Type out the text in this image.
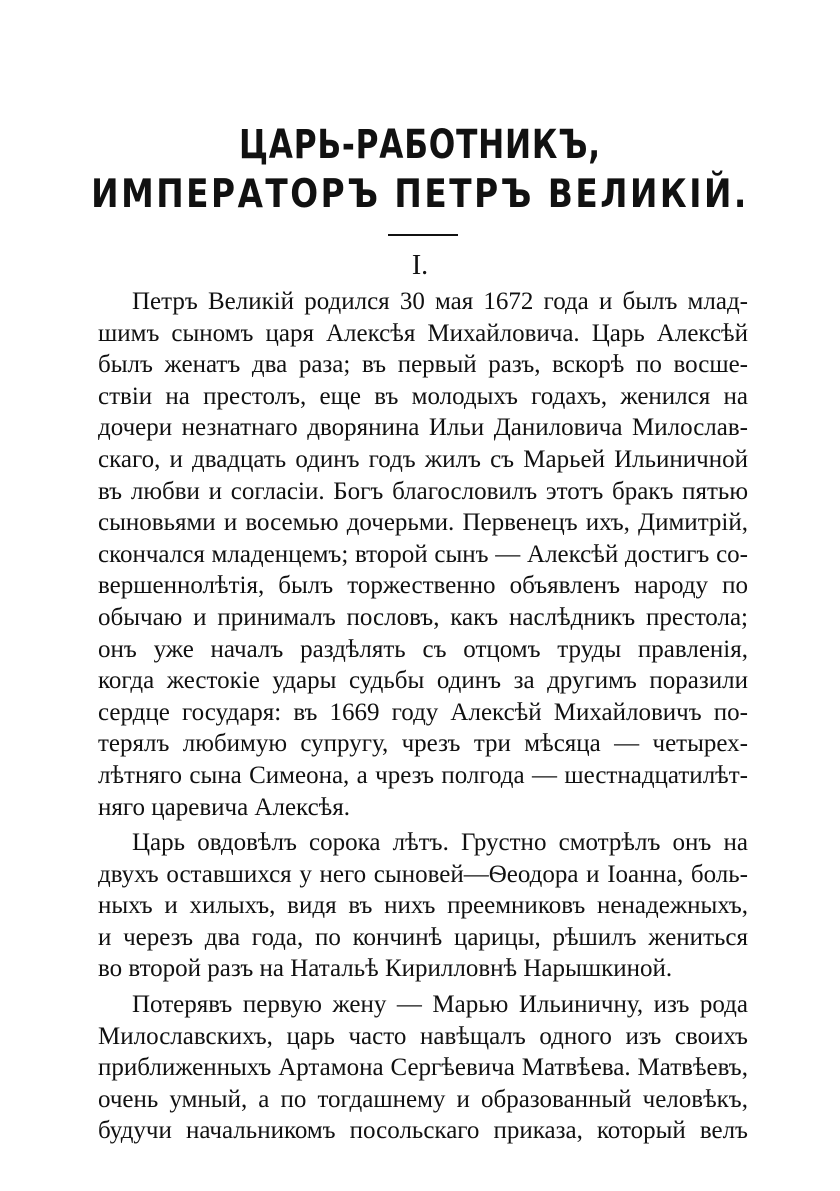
ЦАРЬ-РАБОТНИКЪ,
ИМПЕРАТОРЪ ПЕТРЪ ВЕЛИКІЙ.
I.
Петръ Великій родился 30 мая 1672 года и былъ млад-
шимъ сыномъ царя Алексѣя Михайловича. Царь Алексѣй
былъ женатъ два раза; въ первый разъ, вскорѣ по восше-
ствіи на престолъ, еще въ молодыхъ годахъ, женился на
дочери незнатнаго дворянина Ильи Даниловича Милослав-
скаго, и двадцать одинъ годъ жилъ съ Марьей Ильиничной
въ любви и согласіи. Богъ благословилъ этотъ бракъ пятью
сыновьями и восемью дочерьми. Первенецъ ихъ, Димитрій,
скончался младенцемъ; второй сынъ — Алексѣй достигъ со-
вершеннолѣтія, былъ торжественно объявленъ народу по
обычаю и принималъ пословъ, какъ наслѣдникъ престола;
онъ уже началъ раздѣлять съ отцомъ труды правленія,
когда жестокіе удары судьбы одинъ за другимъ поразили
сердце государя: въ 1669 году Алексѣй Михайловичъ по-
терялъ любимую супругу, чрезъ три мѣсяца — четырех-
лѣтняго сына Симеона, а чрезъ полгода — шестнадцатилѣт-
няго царевича Алексѣя.
Царь овдовѣлъ сорока лѣтъ. Грустно смотрѣлъ онъ на
двухъ оставшихся у него сыновей—Ѳеодора и Іоанна, боль-
ныхъ и хилыхъ, видя въ нихъ преемниковъ ненадежныхъ,
и черезъ два года, по кончинѣ царицы, рѣшилъ жениться
во второй разъ на Натальѣ Кирилловнѣ Нарышкиной.
Потерявъ первую жену — Марью Ильиничну, изъ рода
Милославскихъ, царь часто навѣщалъ одного изъ своихъ
приближенныхъ Артамона Сергѣевича Матвѣева. Матвѣевъ,
очень умный, а по тогдашнему и образованный человѣкъ,
будучи начальникомъ посольскаго приказа, который велъ
